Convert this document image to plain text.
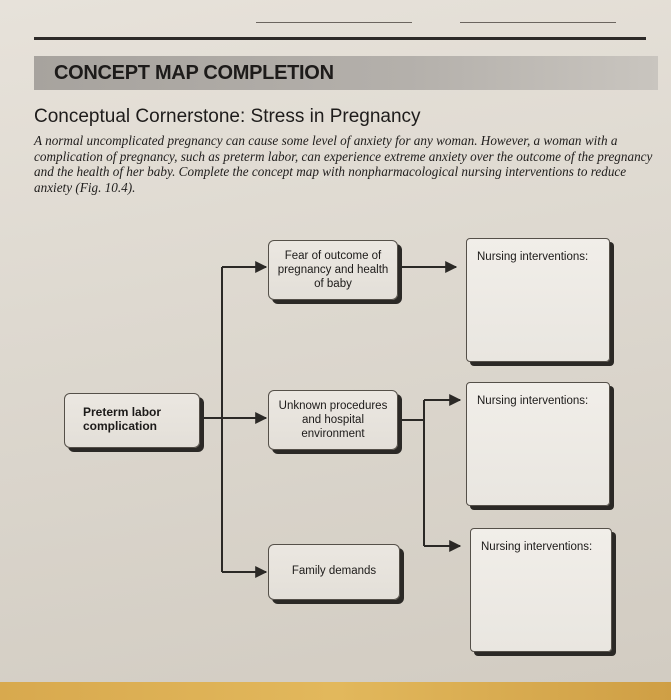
CONCEPT MAP COMPLETION
Conceptual Cornerstone: Stress in Pregnancy
A normal uncomplicated pregnancy can cause some level of anxiety for any woman. However, a woman with a complication of pregnancy, such as preterm labor, can experience extreme anxiety over the outcome of the pregnancy and the health of her baby. Complete the concept map with nonpharmacological nursing interventions to reduce anxiety (Fig. 10.4).
Preterm labor
complication
Fear of outcome of
pregnancy and health
of baby
Unknown procedures
and hospital
environment
Family demands
Nursing interventions:
Nursing interventions:
Nursing interventions:
